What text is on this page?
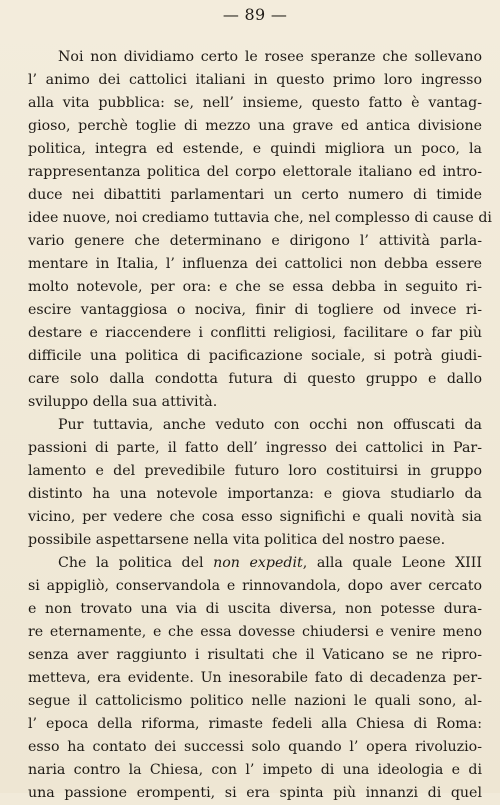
— 89 —
Noi non dividiamo certo le rosee speranze che sollevano
l’ animo dei cattolici italiani in questo primo loro ingresso
alla vita pubblica: se, nell’ insieme, questo fatto è vantag-
gioso, perchè toglie di mezzo una grave ed antica divisione
politica, integra ed estende, e quindi migliora un poco, la
rappresentanza politica del corpo elettorale italiano ed intro-
duce nei dibattiti parlamentari un certo numero di timide
idee nuove, noi crediamo tuttavia che, nel complesso di cause di
vario genere che determinano e dirigono l’ attività parla-
mentare in Italia, l’ influenza dei cattolici non debba essere
molto notevole, per ora: e che se essa debba in seguito ri-
escire vantaggiosa o nociva, finir di togliere od invece ri-
destare e riaccendere i conflitti religiosi, facilitare o far più
difficile una politica di pacificazione sociale, si potrà giudi-
care solo dalla condotta futura di questo gruppo e dallo
sviluppo della sua attività.
Pur tuttavia, anche veduto con occhi non offuscati da
passioni di parte, il fatto dell’ ingresso dei cattolici in Par-
lamento e del prevedibile futuro loro costituirsi in gruppo
distinto ha una notevole importanza: e giova studiarlo da
vicino, per vedere che cosa esso significhi e quali novità sia
possibile aspettarsene nella vita politica del nostro paese.
Che la politica del non expedit, alla quale Leone XIII
si appigliò, conservandola e rinnovandola, dopo aver cercato
e non trovato una via di uscita diversa, non potesse dura-
re eternamente, e che essa dovesse chiudersi e venire meno
senza aver raggiunto i risultati che il Vaticano se ne ripro-
metteva, era evidente. Un inesorabile fato di decadenza per-
segue il cattolicismo politico nelle nazioni le quali sono, al-
l’ epoca della riforma, rimaste fedeli alla Chiesa di Roma:
esso ha contato dei successi solo quando l’ opera rivoluzio-
naria contro la Chiesa, con l’ impeto di una ideologia e di
una passione erompenti, si era spinta più innanzi di quel
